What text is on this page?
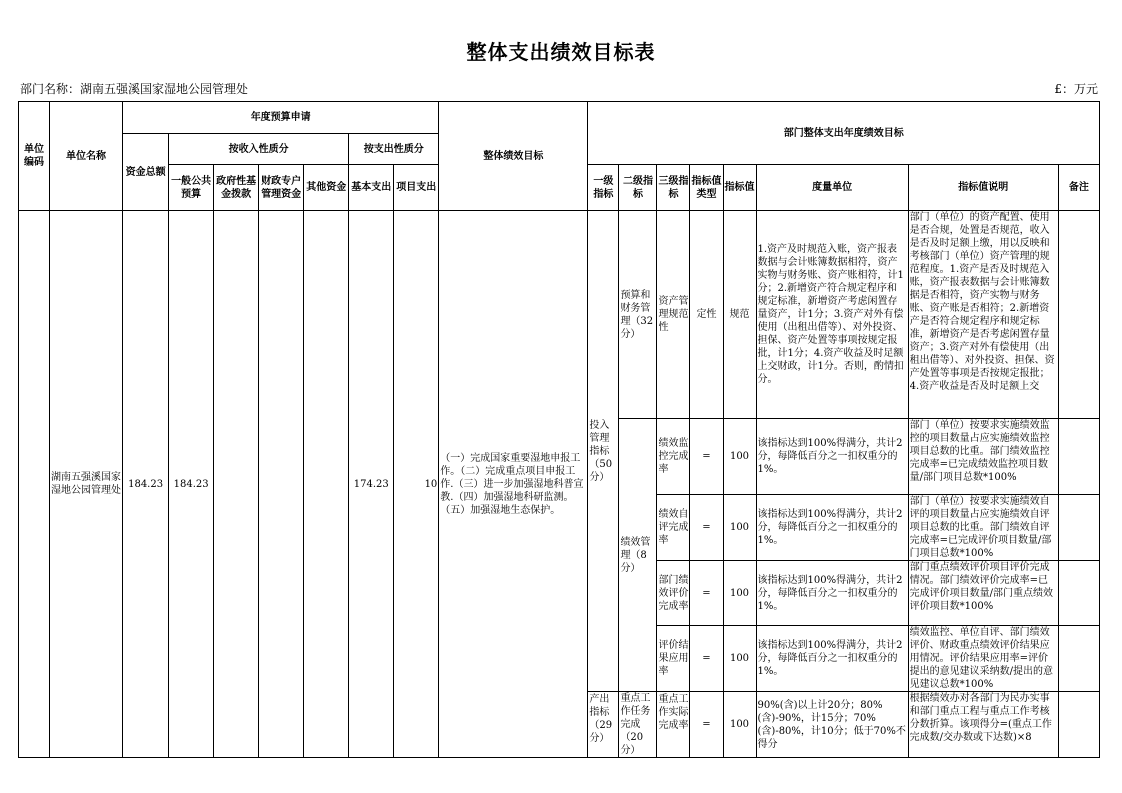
整体支出绩效目标表
部门名称：湖南五强溪国家湿地公园管理处	£：万元
单位编码	单位名称	年度预算申请							整体绩效目标	部门整体支出年度绩效目标							
		资金总额	按收入性质分				按支出性质分										
			一般公共预算	政府性基金拨款	财政专户管理资金	其他资金	基本支出	项目支出		一级指标	二级指标	三级指标	指标值类型	指标值	度量单位	指标值说明	备注
	湖南五强溪国家湿地公园管理处	184.23	184.23				174.23	10	（一）完成国家重要湿地申报工作。（二）完成重点项目申报工作.（三）进一步加强湿地科普宣教.（四）加强湿地科研监测。（五）加强湿地生态保护。	投入管理指标（50分）	预算和财务管理（32分）	资产管理规范性	定性	规范	1.资产及时规范入账，资产报表数据与会计账簿数据相符，资产实物与财务账、资产账相符，计1分；2.新增资产符合规定程序和规定标准，新增资产考虑闲置存量资产，计1分；3.资产对外有偿使用（出租出借等）、对外投资、担保、资产处置等事项按规定报批，计1分；4.资产收益及时足额上交财政，计1分。否则，酌情扣分。	部门（单位）的资产配置、使用是否合规，处置是否规范，收入是否及时足额上缴，用以反映和考核部门（单位）资产管理的规范程度。1.资产是否及时规范入账，资产报表数据与会计账簿数据是否相符，资产实物与财务账、资产账是否相符；2.新增资产是否符合规定程序和规定标准，新增资产是否考虑闲置存量资产；3.资产对外有偿使用（出租出借等）、对外投资、担保、资产处置等事项是否按规定报批；4.资产收益是否及时足额上交	

											绩效管理（8分）	绩效监控完成率	=	100	该指标达到100%得满分，共计2分，每降低百分之一扣权重分的1%。	部门（单位）按要求实施绩效监控的项目数量占应实施绩效监控项目总数的比重。部门绩效监控完成率=已完成绩效监控项目数量/部门项目总数*100%	

												绩效自评完成率	=	100	该指标达到100%得满分，共计2分，每降低百分之一扣权重分的1%。	部门（单位）按要求实施绩效自评的项目数量占应实施绩效自评项目总数的比重。部门绩效自评完成率=已完成评价项目数量/部门项目总数*100%	

												部门绩效评价完成率	=	100	该指标达到100%得满分，共计2分，每降低百分之一扣权重分的1%。	部门重点绩效评价项目评价完成情况。部门绩效评价完成率=已完成评价项目数量/部门重点绩效评价项目数*100%	

												评价结果应用率	=	100	该指标达到100%得满分，共计2分，每降低百分之一扣权重分的1%。	绩效监控、单位自评、部门绩效评价、财政重点绩效评价结果应用情况。评价结果应用率=评价提出的意见建议采纳数/提出的意见建议总数*100%	

										产出指标（29分）	重点工作任务完成（20分）	重点工作实际完成率	=	100	90%(含)以上计20分；80%(含)-90%，计15分；70%(含)-80%，计10分；低于70%不得分	根据绩效办对各部门为民办实事和部门重点工程与重点工作考核分数折算。该项得分=(重点工作完成数/交办数或下达数)×8	
